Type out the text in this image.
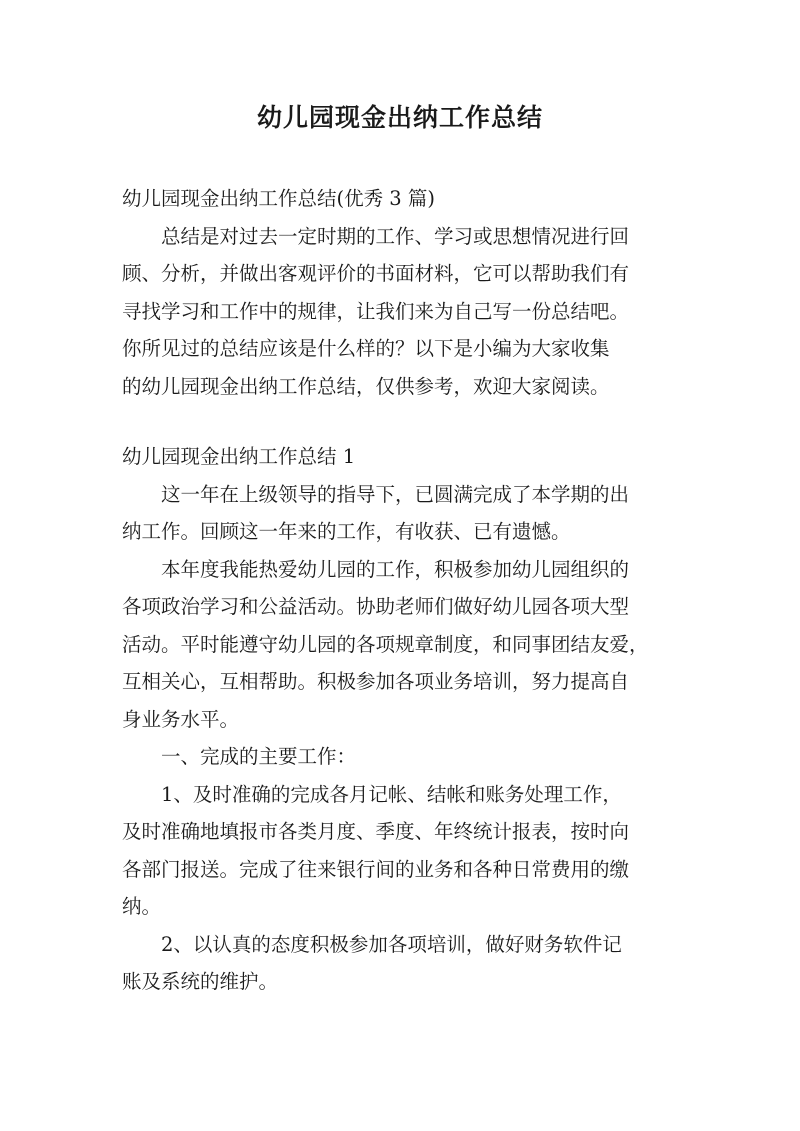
幼儿园现金出纳工作总结
幼儿园现金出纳工作总结(优秀 3 篇)
总结是对过去一定时期的工作、学习或思想情况进行回
顾、分析，并做出客观评价的书面材料，它可以帮助我们有
寻找学习和工作中的规律，让我们来为自己写一份总结吧。
你所见过的总结应该是什么样的？以下是小编为大家收集
的幼儿园现金出纳工作总结，仅供参考，欢迎大家阅读。
幼儿园现金出纳工作总结 1
这一年在上级领导的指导下，已圆满完成了本学期的出
纳工作。回顾这一年来的工作，有收获、已有遗憾。
本年度我能热爱幼儿园的工作，积极参加幼儿园组织的
各项政治学习和公益活动。协助老师们做好幼儿园各项大型
活动。平时能遵守幼儿园的各项规章制度，和同事团结友爱，
互相关心，互相帮助。积极参加各项业务培训，努力提高自
身业务水平。
一、完成的主要工作：
1、及时准确的完成各月记帐、结帐和账务处理工作，
及时准确地填报市各类月度、季度、年终统计报表，按时向
各部门报送。完成了往来银行间的业务和各种日常费用的缴
纳。
2、以认真的态度积极参加各项培训，做好财务软件记
账及系统的维护。
